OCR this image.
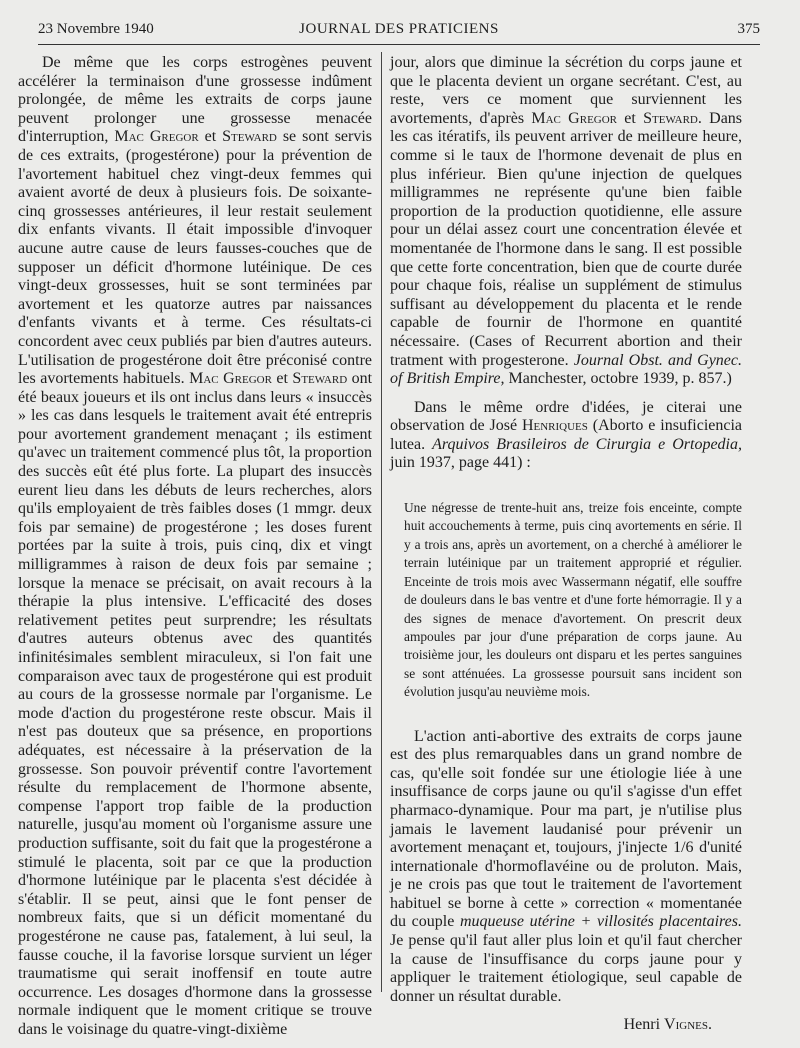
23 Novembre 1940	JOURNAL DES PRATICIENS	375

De même que les corps estrogènes peuvent accélérer la terminaison d'une grossesse indûment prolongée, de même les extraits de corps jaune peuvent prolonger une grossesse menacée d'interruption, Mac Gregor et Steward se sont servis de ces extraits, (progestérone) pour la prévention de l'avortement habituel chez vingt-deux femmes qui avaient avorté de deux à plusieurs fois. De soixante-cinq grossesses antérieures, il leur restait seulement dix enfants vivants. Il était impossible d'invoquer aucune autre cause de leurs fausses-couches que de supposer un déficit d'hormone lutéinique. De ces vingt-deux grossesses, huit se sont terminées par avortement et les quatorze autres par naissances d'enfants vivants et à terme. Ces résultats-ci concordent avec ceux publiés par bien d'autres auteurs. L'utilisation de progestérone doit être préconisé contre les avortements habituels. Mac Gregor et Steward ont été beaux joueurs et ils ont inclus dans leurs « insuccès » les cas dans lesquels le traitement avait été entrepris pour avortement grandement menaçant ; ils estiment qu'avec un traitement commencé plus tôt, la proportion des succès eût été plus forte. La plupart des insuccès eurent lieu dans les débuts de leurs recherches, alors qu'ils employaient de très faibles doses (1 mmgr. deux fois par semaine) de progestérone ; les doses furent portées par la suite à trois, puis cinq, dix et vingt milligrammes à raison de deux fois par semaine ; lorsque la menace se précisait, on avait recours à la thérapie la plus intensive. L'efficacité des doses relativement petites peut surprendre; les résultats d'autres auteurs obtenus avec des quantités infinitésimales semblent miraculeux, si l'on fait une comparaison avec taux de progestérone qui est produit au cours de la grossesse normale par l'organisme. Le mode d'action du progestérone reste obscur. Mais il n'est pas douteux que sa présence, en proportions adéquates, est nécessaire à la préservation de la grossesse. Son pouvoir préventif contre l'avortement résulte du remplacement de l'hormone absente, compense l'apport trop faible de la production naturelle, jusqu'au moment où l'organisme assure une production suffisante, soit du fait que la progestérone a stimulé le placenta, soit par ce que la production d'hormone lutéinique par le placenta s'est décidée à s'établir. Il se peut, ainsi que le font penser de nombreux faits, que si un déficit momentané du progestérone ne cause pas, fatalement, à lui seul, la fausse couche, il la favorise lorsque survient un léger traumatisme qui serait inoffensif en toute autre occurrence. Les dosages d'hormone dans la grossesse normale indiquent que le moment critique se trouve dans le voisinage du quatre-vingt-dixième

jour, alors que diminue la sécrétion du corps jaune et que le placenta devient un organe secrétant. C'est, au reste, vers ce moment que surviennent les avortements, d'après Mac Gregor et Steward. Dans les cas itératifs, ils peuvent arriver de meilleure heure, comme si le taux de l'hormone devenait de plus en plus inférieur. Bien qu'une injection de quelques milligrammes ne représente qu'une bien faible proportion de la production quotidienne, elle assure pour un délai assez court une concentration élevée et momentanée de l'hormone dans le sang. Il est possible que cette forte concentration, bien que de courte durée pour chaque fois, réalise un supplément de stimulus suffisant au développement du placenta et le rende capable de fournir de l'hormone en quantité nécessaire. (Cases of Recurrent abortion and their tratment with progesterone. Journal Obst. and Gynec. of British Empire, Manchester, octobre 1939, p. 857.)

Dans le même ordre d'idées, je citerai une observation de José Henriques (Aborto e insuficiencia lutea. Arquivos Brasileiros de Cirurgia e Ortopedia, juin 1937, page 441) :

Une négresse de trente-huit ans, treize fois enceinte, compte huit accouchements à terme, puis cinq avortements en série. Il y a trois ans, après un avortement, on a cherché à améliorer le terrain lutéinique par un traitement approprié et régulier. Enceinte de trois mois avec Wassermann négatif, elle souffre de douleurs dans le bas ventre et d'une forte hémorragie. Il y a des signes de menace d'avortement. On prescrit deux ampoules par jour d'une préparation de corps jaune. Au troisième jour, les douleurs ont disparu et les pertes sanguines se sont atténuées. La grossesse poursuit sans incident son évolution jusqu'au neuvième mois.

L'action anti-abortive des extraits de corps jaune est des plus remarquables dans un grand nombre de cas, qu'elle soit fondée sur une étiologie liée à une insuffisance de corps jaune ou qu'il s'agisse d'un effet pharmaco-dynamique. Pour ma part, je n'utilise plus jamais le lavement laudanisé pour prévenir un avortement menaçant et, toujours, j'injecte 1/6 d'unité internationale d'hormoflavéine ou de proluton. Mais, je ne crois pas que tout le traitement de l'avortement habituel se borne à cette » correction « momentanée du couple muqueuse utérine + villosités placentaires. Je pense qu'il faut aller plus loin et qu'il faut chercher la cause de l'insuffisance du corps jaune pour y appliquer le traitement étiologique, seul capable de donner un résultat durable.

Henri Vignes.
